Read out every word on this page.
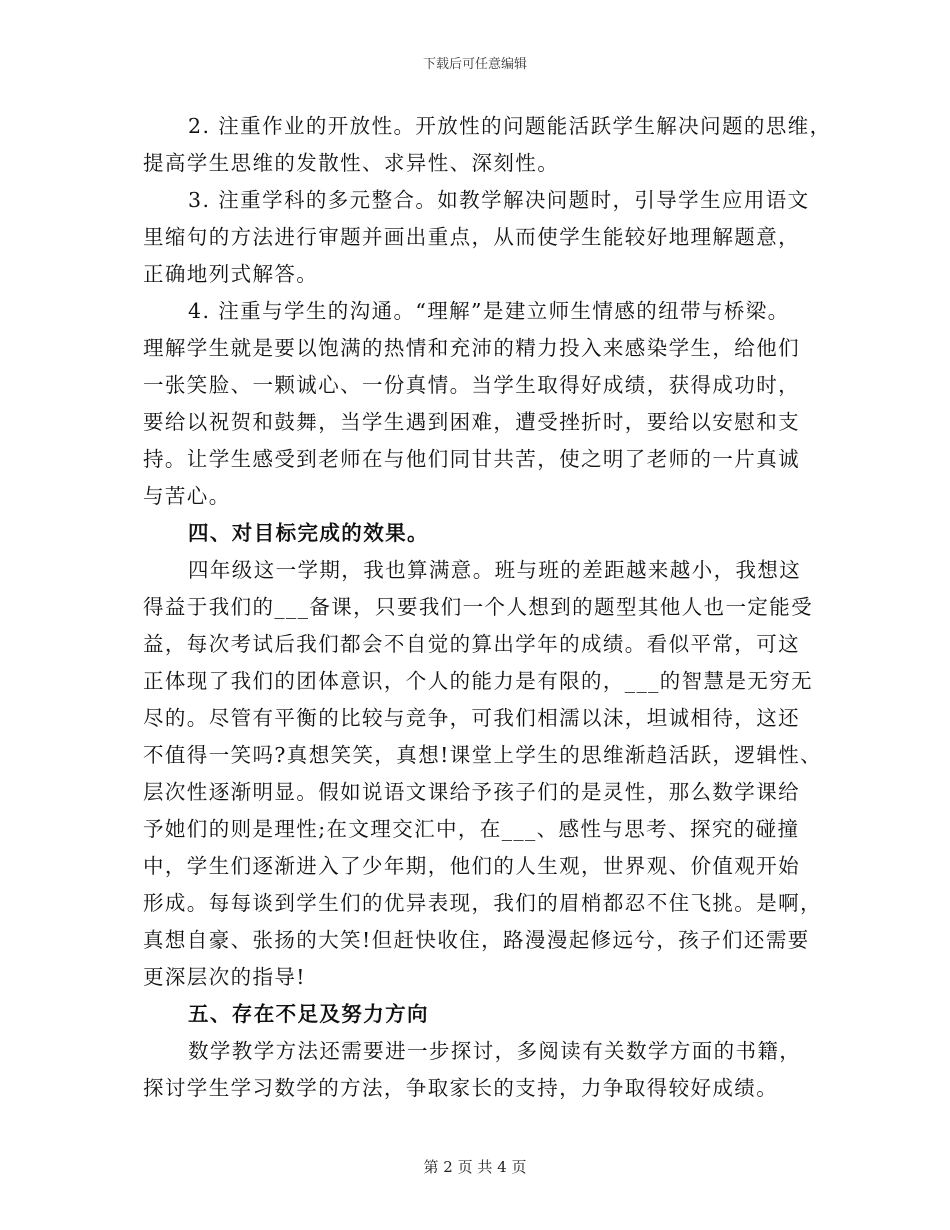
下载后可任意编辑

2. 注重作业的开放性。开放性的问题能活跃学生解决问题的思维，
提高学生思维的发散性、求异性、深刻性。

3. 注重学科的多元整合。如教学解决问题时，引导学生应用语文
里缩句的方法进行审题并画出重点，从而使学生能较好地理解题意，
正确地列式解答。

4. 注重与学生的沟通。“理解”是建立师生情感的纽带与桥梁。
理解学生就是要以饱满的热情和充沛的精力投入来感染学生，给他们
一张笑脸、一颗诚心、一份真情。当学生取得好成绩，获得成功时，
要给以祝贺和鼓舞，当学生遇到困难，遭受挫折时，要给以安慰和支
持。让学生感受到老师在与他们同甘共苦，使之明了老师的一片真诚
与苦心。

四、对目标完成的效果。

四年级这一学期，我也算满意。班与班的差距越来越小，我想这
得益于我们的___备课，只要我们一个人想到的题型其他人也一定能受
益，每次考试后我们都会不自觉的算出学年的成绩。看似平常，可这
正体现了我们的团体意识，个人的能力是有限的，___的智慧是无穷无
尽的。尽管有平衡的比较与竞争，可我们相濡以沫，坦诚相待，这还
不值得一笑吗?真想笑笑，真想!课堂上学生的思维渐趋活跃，逻辑性、
层次性逐渐明显。假如说语文课给予孩子们的是灵性，那么数学课给
予她们的则是理性;在文理交汇中，在___、感性与思考、探究的碰撞
中，学生们逐渐进入了少年期，他们的人生观，世界观、价值观开始
形成。每每谈到学生们的优异表现，我们的眉梢都忍不住飞挑。是啊，
真想自豪、张扬的大笑!但赶快收住，路漫漫起修远兮，孩子们还需要
更深层次的指导!

五、存在不足及努力方向

数学教学方法还需要进一步探讨，多阅读有关数学方面的书籍，
探讨学生学习数学的方法，争取家长的支持，力争取得较好成绩。

第 2 页 共 4 页
